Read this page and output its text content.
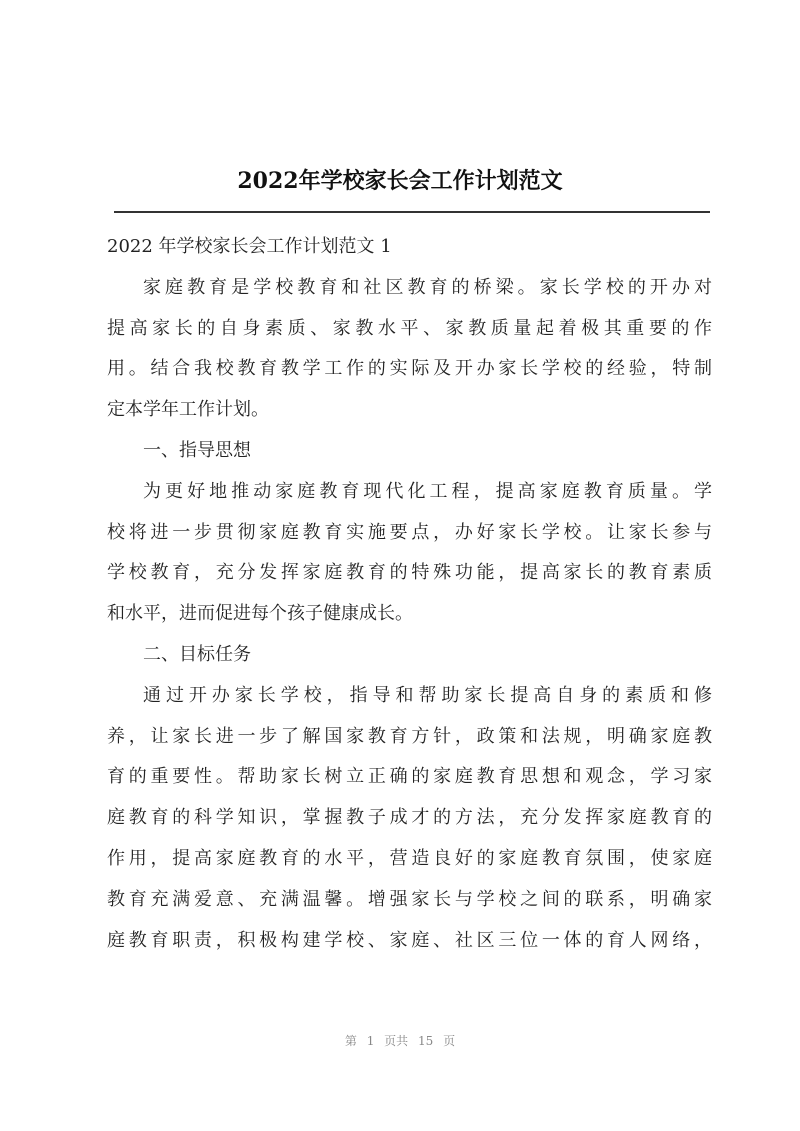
2022年学校家长会工作计划范文
2022 年学校家长会工作计划范文 1
家庭教育是学校教育和社区教育的桥梁。家长学校的开办对
提高家长的自身素质、家教水平、家教质量起着极其重要的作
用。结合我校教育教学工作的实际及开办家长学校的经验，特制
定本学年工作计划。
一、指导思想
为更好地推动家庭教育现代化工程，提高家庭教育质量。学
校将进一步贯彻家庭教育实施要点，办好家长学校。让家长参与
学校教育，充分发挥家庭教育的特殊功能，提高家长的教育素质
和水平，进而促进每个孩子健康成长。
二、目标任务
通过开办家长学校，指导和帮助家长提高自身的素质和修
养，让家长进一步了解国家教育方针，政策和法规，明确家庭教
育的重要性。帮助家长树立正确的家庭教育思想和观念，学习家
庭教育的科学知识，掌握教子成才的方法，充分发挥家庭教育的
作用，提高家庭教育的水平，营造良好的家庭教育氛围，使家庭
教育充满爱意、充满温馨。增强家长与学校之间的联系，明确家
庭教育职责，积极构建学校、家庭、社区三位一体的育人网络，
第 1 页共 15 页
